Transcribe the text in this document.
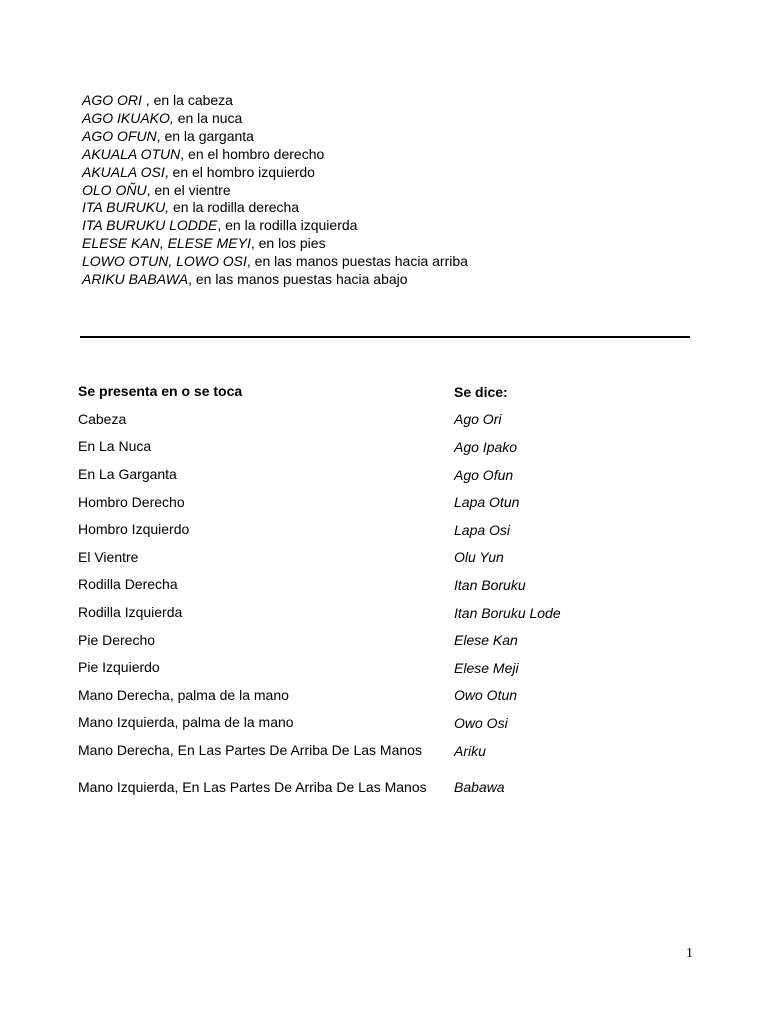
AGO ORI , en la cabeza
AGO IKUAKO, en la nuca
AGO OFUN, en la garganta
AKUALA OTUN, en el hombro derecho
AKUALA OSI, en el hombro izquierdo
OLO OÑU, en el vientre
ITA BURUKU, en la rodilla derecha
ITA BURUKU LODDE, en la rodilla izquierda
ELESE KAN, ELESE MEYI, en los pies
LOWO OTUN, LOWO OSI, en las manos puestas hacia arriba
ARIKU BABAWA, en las manos puestas hacia abajo
Se presenta en o se toca	Se dice:
Cabeza	Ago Ori
En La Nuca	Ago Ipako
En La Garganta	Ago Ofun
Hombro Derecho	Lapa Otun
Hombro Izquierdo	Lapa Osi
El Vientre	Olu Yun
Rodilla Derecha	Itan Boruku
Rodilla Izquierda	Itan Boruku Lode
Pie Derecho	Elese Kan
Pie Izquierdo	Elese Meji
Mano Derecha, palma de la mano	Owo Otun
Mano Izquierda, palma de la mano	Owo Osi
Mano Derecha, En Las Partes De Arriba De Las Manos	Ariku
Mano Izquierda, En Las Partes De Arriba De Las Manos	Babawa
1
